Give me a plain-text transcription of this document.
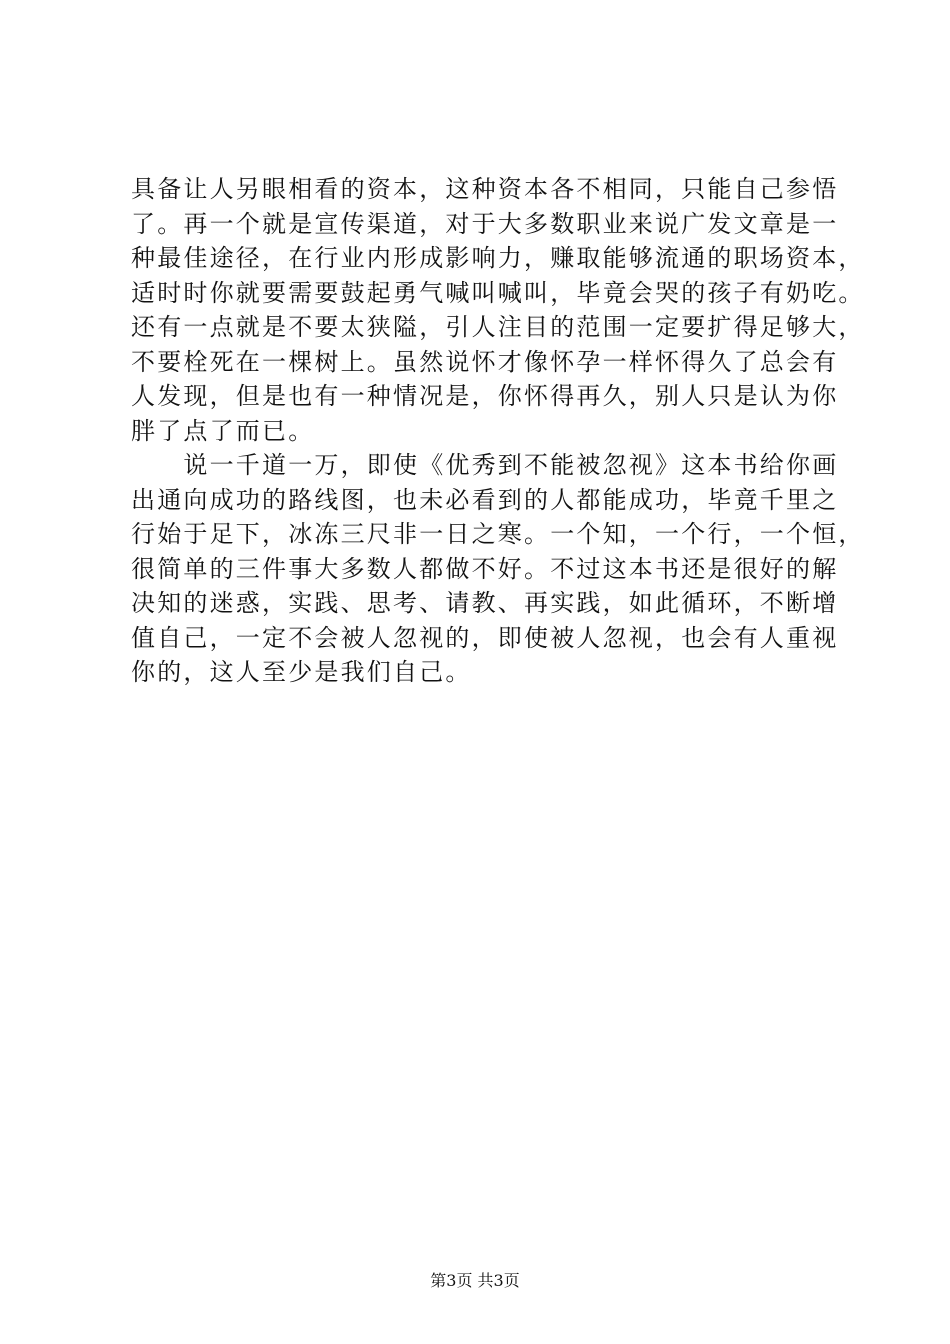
具备让人另眼相看的资本，这种资本各不相同，只能自己参悟
了。再一个就是宣传渠道，对于大多数职业来说广发文章是一
种最佳途径，在行业内形成影响力，赚取能够流通的职场资本，
适时时你就要需要鼓起勇气喊叫喊叫，毕竟会哭的孩子有奶吃。
还有一点就是不要太狭隘，引人注目的范围一定要扩得足够大，
不要栓死在一棵树上。虽然说怀才像怀孕一样怀得久了总会有
人发现，但是也有一种情况是，你怀得再久，别人只是认为你
胖了点了而已。
　　说一千道一万，即使《优秀到不能被忽视》这本书给你画
出通向成功的路线图，也未必看到的人都能成功，毕竟千里之
行始于足下，冰冻三尺非一日之寒。一个知，一个行，一个恒，
很简单的三件事大多数人都做不好。不过这本书还是很好的解
决知的迷惑，实践、思考、请教、再实践，如此循环，不断增
值自己，一定不会被人忽视的，即使被人忽视，也会有人重视
你的，这人至少是我们自己。
第3页 共3页
